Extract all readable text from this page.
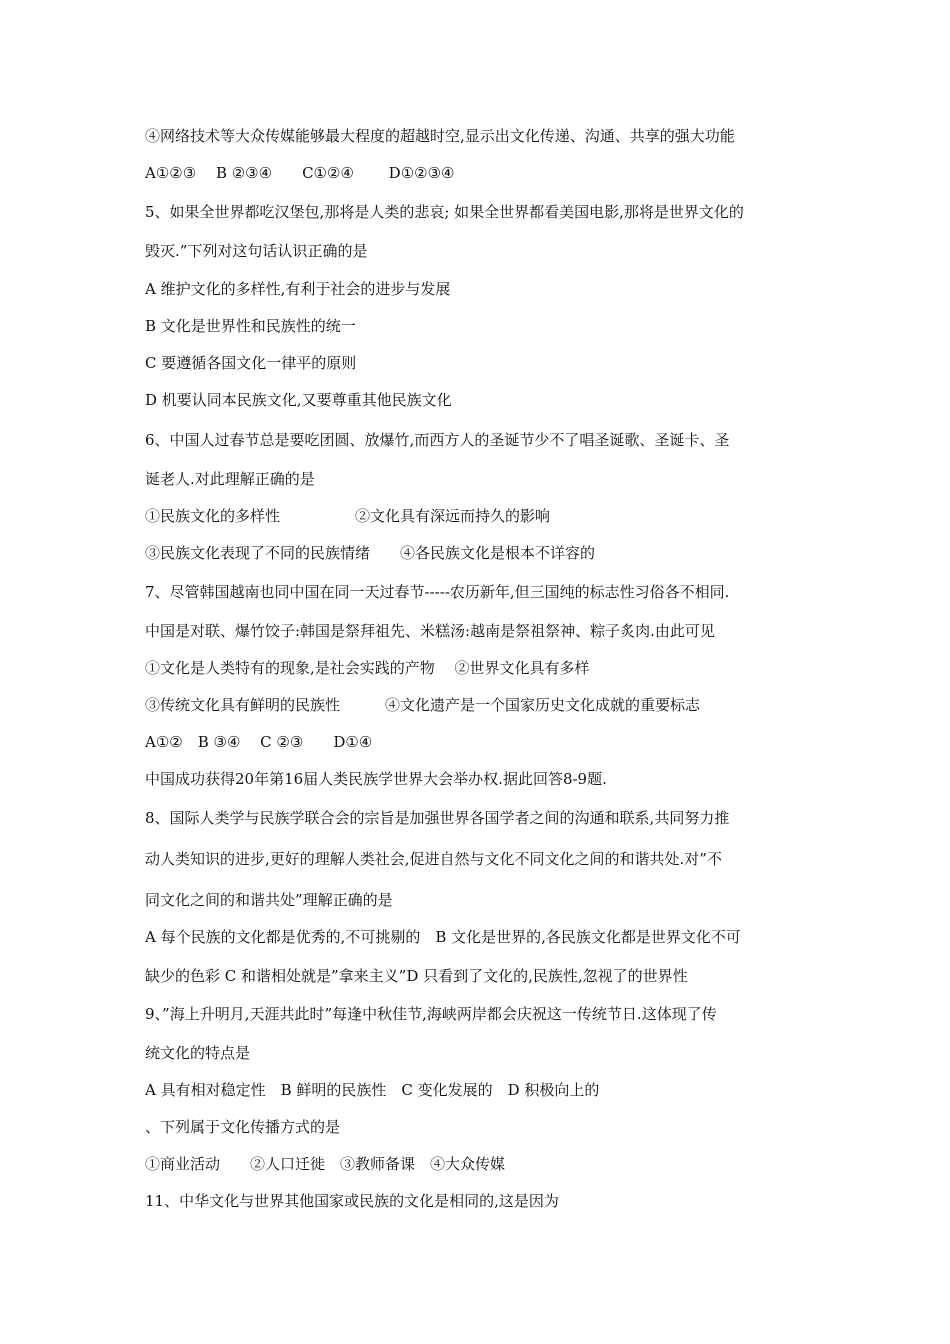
④网络技术等大众传媒能够最大程度的超越时空,显示出文化传递、沟通、共享的强大功能
A①②③　 B ②③④　　C①②④　　 D①②③④
5、如果全世界都吃汉堡包,那将是人类的悲哀; 如果全世界都看美国电影,那将是世界文化的
毁灭.”下列对这句话认识正确的是
A 维护文化的多样性,有利于社会的进步与发展
B 文化是世界性和民族性的统一
C 要遵循各国文化一律平的原则
D 机要认同本民族文化,又要尊重其他民族文化
6、中国人过春节总是要吃团圆、放爆竹,而西方人的圣诞节少不了唱圣诞歌、圣诞卡、圣
诞老人.对此理解正确的是
①民族文化的多样性　　　　　②文化具有深远而持久的影响
③民族文化表现了不同的民族情绪　　④各民族文化是根本不详容的
7、尽管韩国越南也同中国在同一天过春节-----农历新年,但三国纯的标志性习俗各不相同.
中国是对联、爆竹饺子:韩国是祭拜祖先、米糕汤:越南是祭祖祭神、粽子炙肉.由此可见
①文化是人类特有的现象,是社会实践的产物　 ②世界文化具有多样
③传统文化具有鲜明的民族性　　　④文化遗产是一个国家历史文化成就的重要标志
A①②　B ③④　 C ②③　　D①④
中国成功获得20年第16届人类民族学世界大会举办权.据此回答8-9题.
8、国际人类学与民族学联合会的宗旨是加强世界各国学者之间的沟通和联系,共同努力推
动人类知识的进步,更好的理解人类社会,促进自然与文化不同文化之间的和谐共处.对”不
同文化之间的和谐共处”理解正确的是
A 每个民族的文化都是优秀的,不可挑剔的　B 文化是世界的,各民族文化都是世界文化不可
缺少的色彩 C 和谐相处就是”拿来主义”D 只看到了文化的,民族性,忽视了的世界性
9、”海上升明月,天涯共此时”每逢中秋佳节,海峡两岸都会庆祝这一传统节日.这体现了传
统文化的特点是
A 具有相对稳定性　B 鲜明的民族性　C 变化发展的　D 积极向上的
、下列属于文化传播方式的是
①商业活动　　②人口迁徙　③教师备课　④大众传媒
11、中华文化与世界其他国家或民族的文化是相同的,这是因为
